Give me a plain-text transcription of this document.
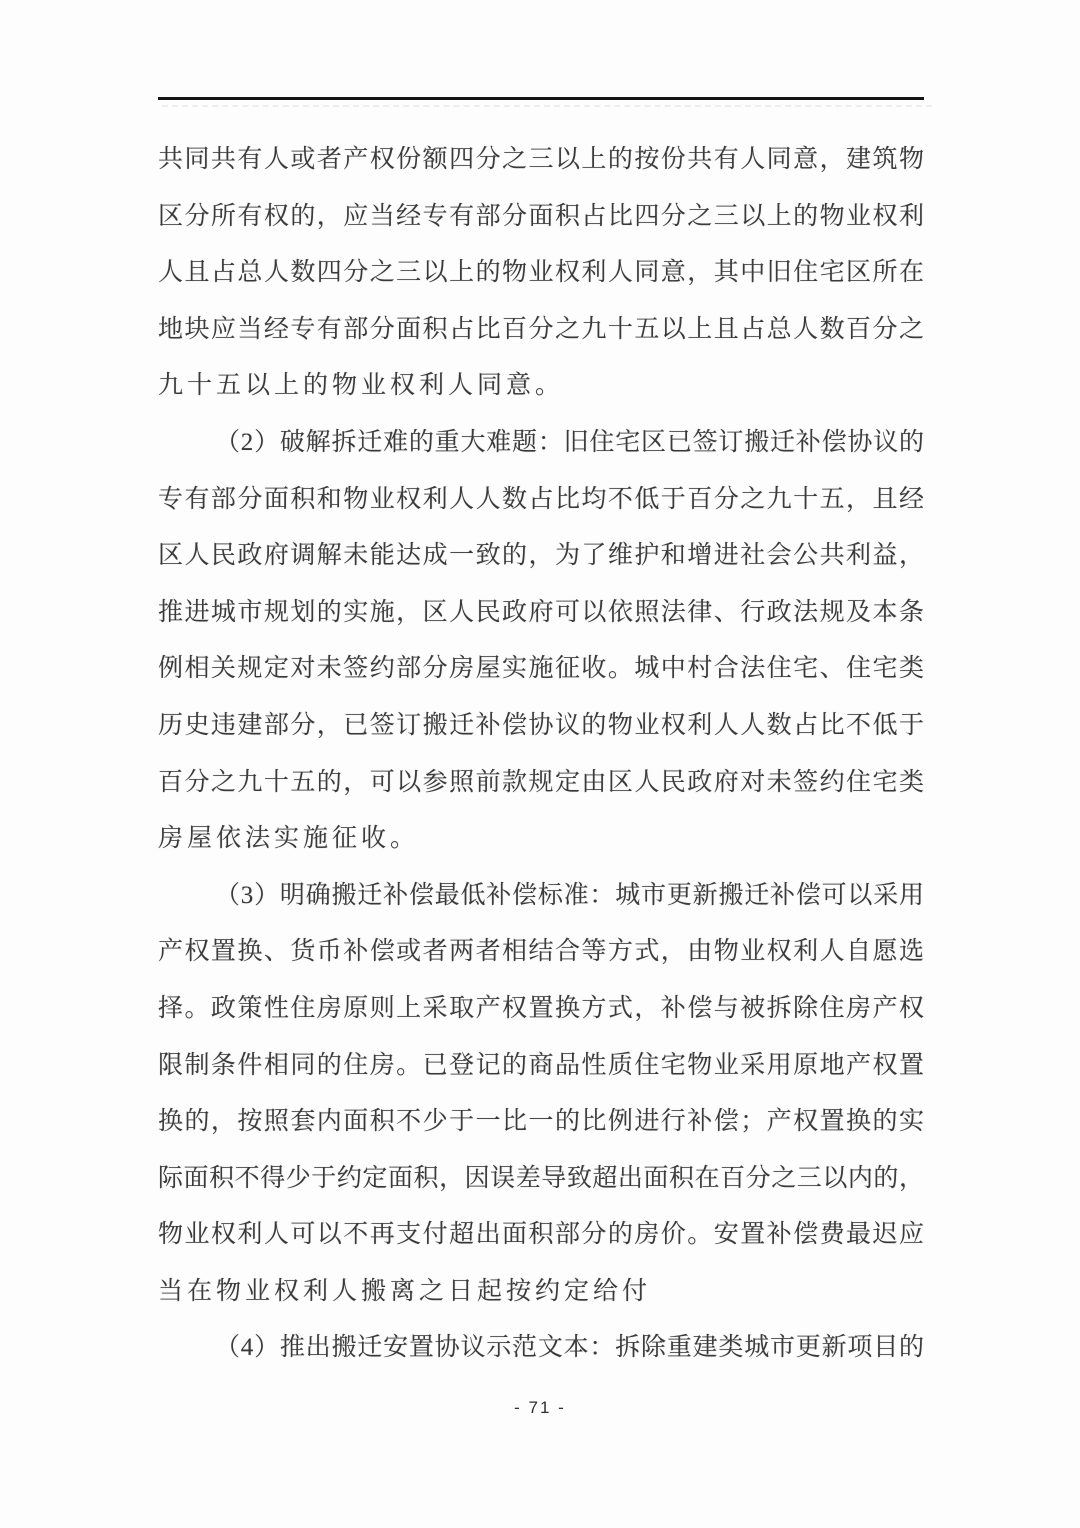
共同共有人或者产权份额四分之三以上的按份共有人同意，建筑物
区分所有权的，应当经专有部分面积占比四分之三以上的物业权利
人且占总人数四分之三以上的物业权利人同意，其中旧住宅区所在
地块应当经专有部分面积占比百分之九十五以上且占总人数百分之
九十五以上的物业权利人同意。
（2）破解拆迁难的重大难题：旧住宅区已签订搬迁补偿协议的
专有部分面积和物业权利人人数占比均不低于百分之九十五，且经
区人民政府调解未能达成一致的，为了维护和增进社会公共利益，
推进城市规划的实施，区人民政府可以依照法律、行政法规及本条
例相关规定对未签约部分房屋实施征收。城中村合法住宅、住宅类
历史违建部分，已签订搬迁补偿协议的物业权利人人数占比不低于
百分之九十五的，可以参照前款规定由区人民政府对未签约住宅类
房屋依法实施征收。
（3）明确搬迁补偿最低补偿标准：城市更新搬迁补偿可以采用
产权置换、货币补偿或者两者相结合等方式，由物业权利人自愿选
择。政策性住房原则上采取产权置换方式，补偿与被拆除住房产权
限制条件相同的住房。已登记的商品性质住宅物业采用原地产权置
换的，按照套内面积不少于一比一的比例进行补偿；产权置换的实
际面积不得少于约定面积，因误差导致超出面积在百分之三以内的，
物业权利人可以不再支付超出面积部分的房价。安置补偿费最迟应
当在物业权利人搬离之日起按约定给付
（4）推出搬迁安置协议示范文本：拆除重建类城市更新项目的
- 71 -
